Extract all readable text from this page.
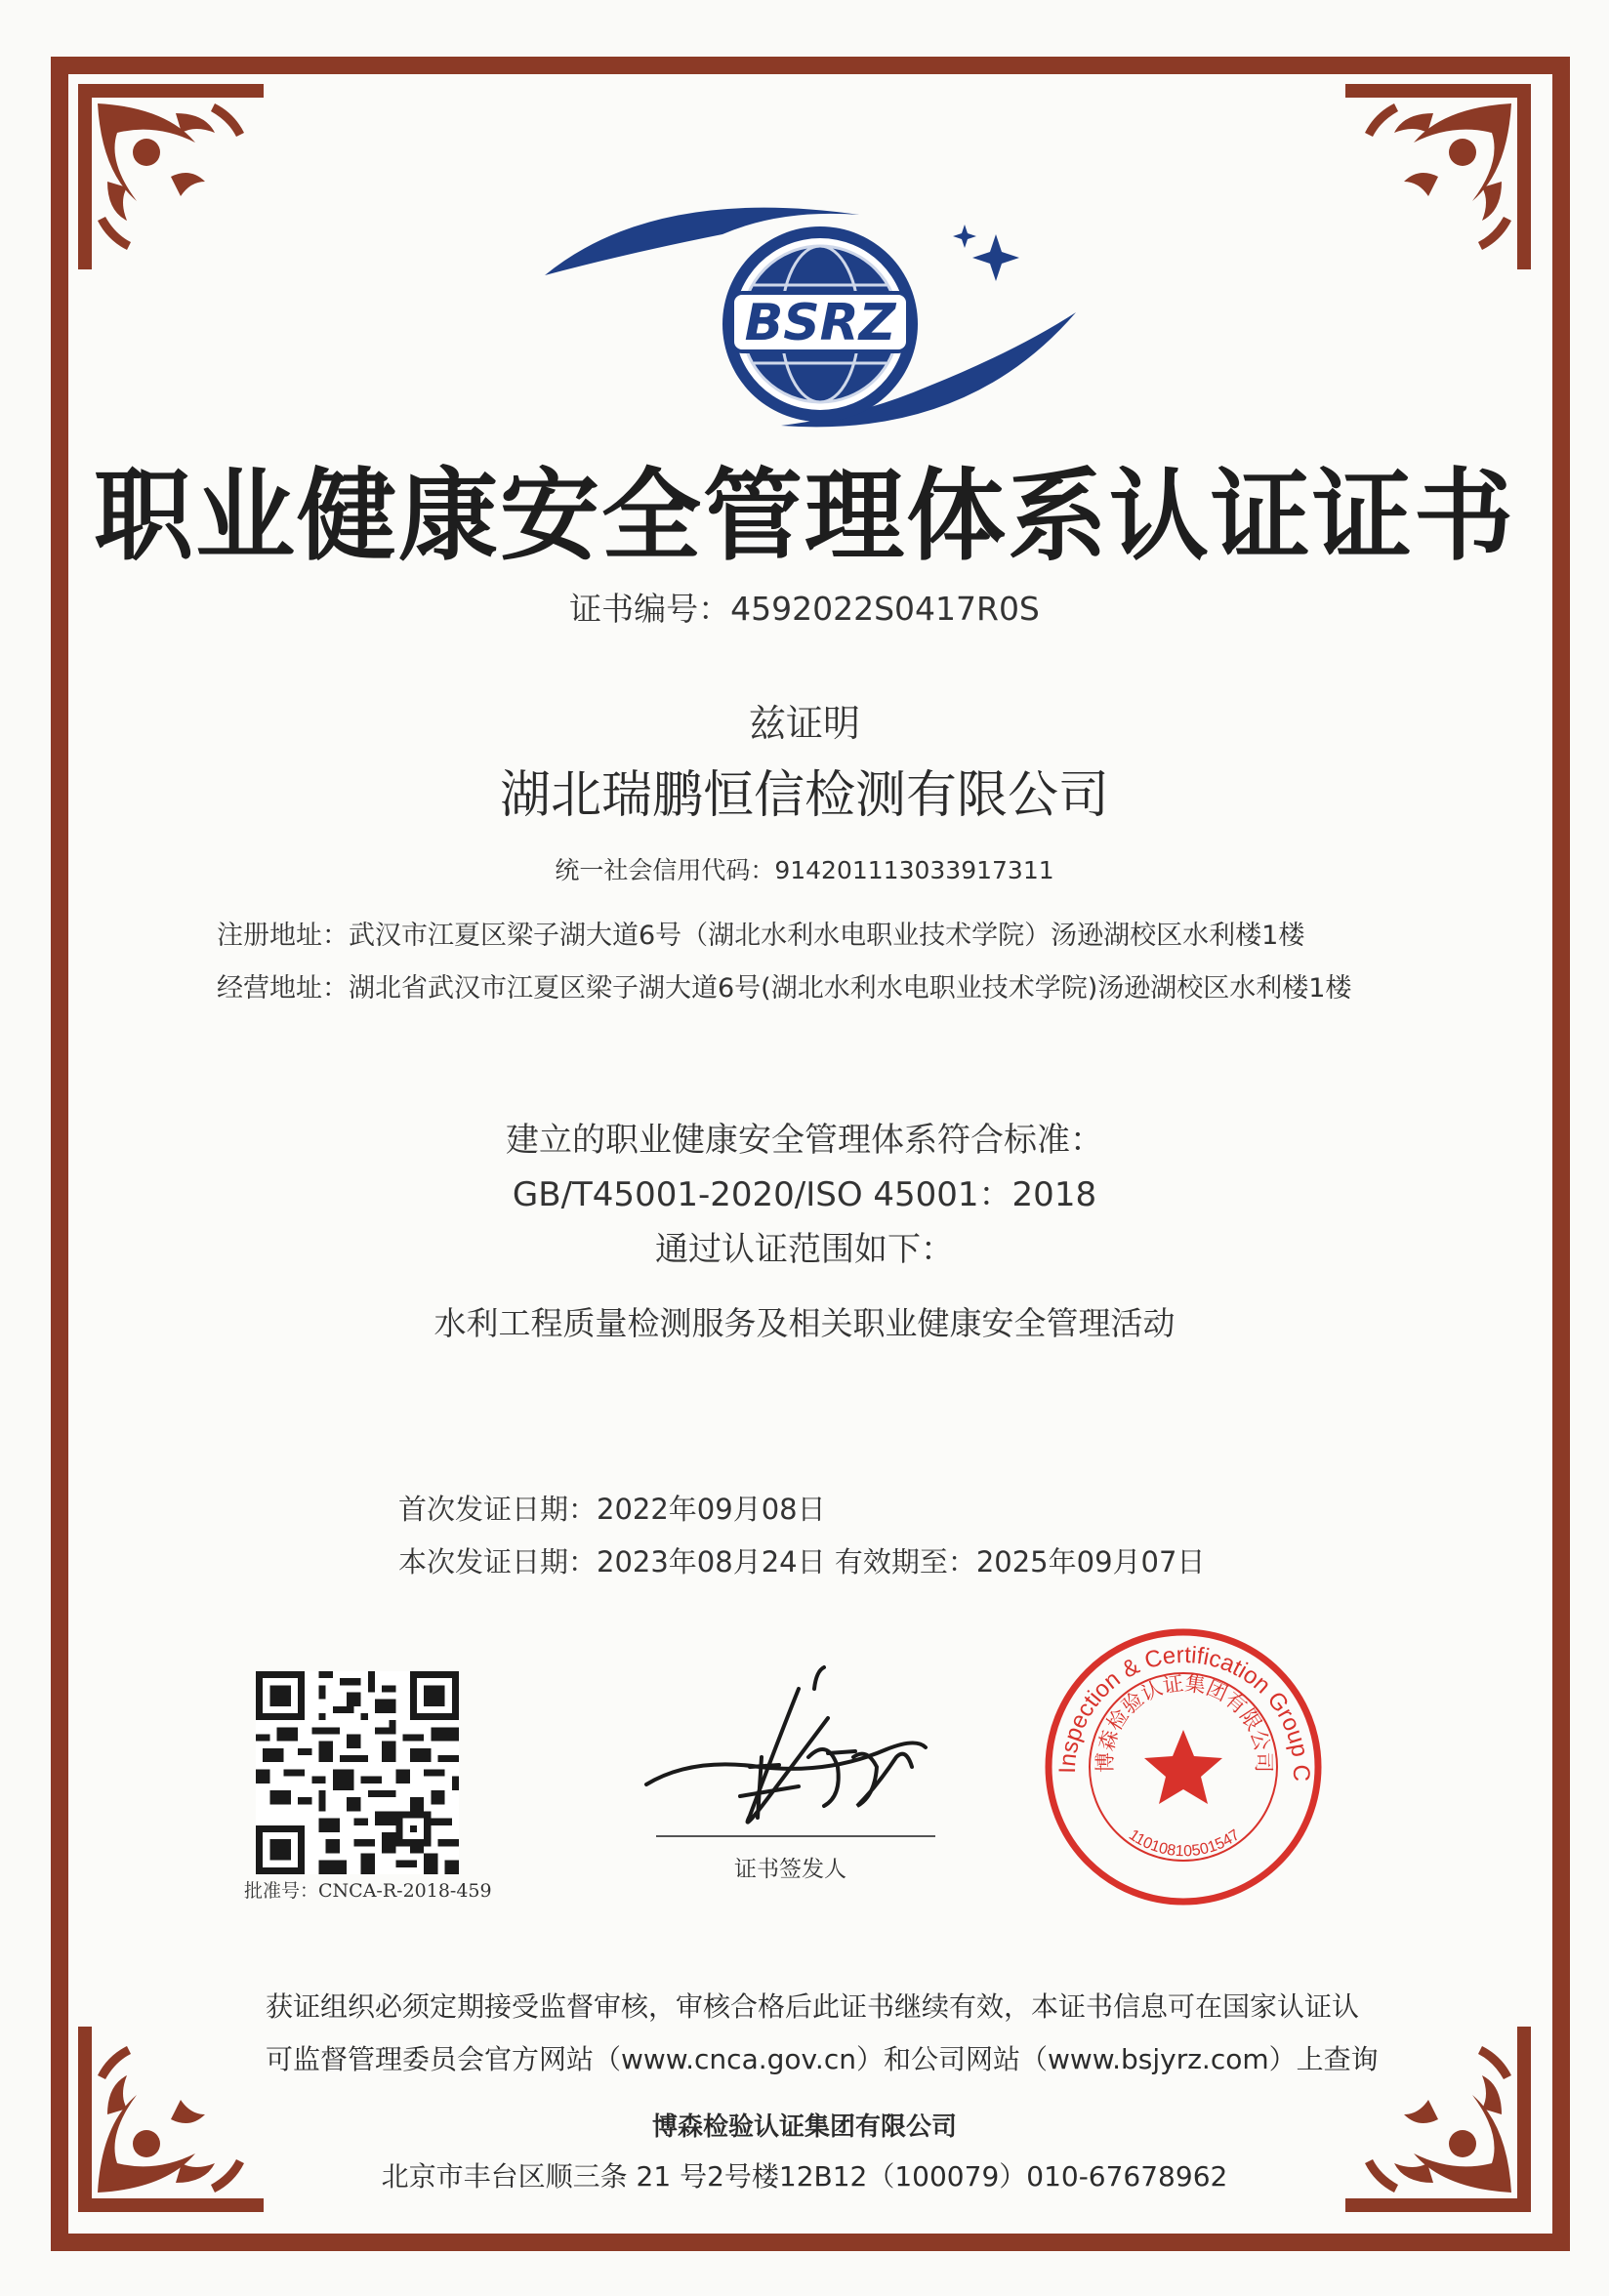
BSRZ
职业健康安全管理体系认证证书
证书编号：4592022S0417R0S
兹证明
湖北瑞鹏恒信检测有限公司
统一社会信用代码：914201113033917311
注册地址：武汉市江夏区梁子湖大道6号（湖北水利水电职业技术学院）汤逊湖校区水利楼1楼
经营地址：湖北省武汉市江夏区梁子湖大道6号(湖北水利水电职业技术学院)汤逊湖校区水利楼1楼
建立的职业健康安全管理体系符合标准：
GB/T45001-2020/ISO 45001：2018
通过认证范围如下：
水利工程质量检测服务及相关职业健康安全管理活动
首次发证日期：2022年09月08日
本次发证日期：2023年08月24日 有效期至：2025年09月07日
批准号：CNCA-R-2018-459
证书签发人
Inspection & Certification Group C
博森检验认证集团有限公司
11010810501547
获证组织必须定期接受监督审核，审核合格后此证书继续有效，本证书信息可在国家认证认
可监督管理委员会官方网站（www.cnca.gov.cn）和公司网站（www.bsjyrz.com）上查询
博森检验认证集团有限公司
北京市丰台区顺三条 21 号2号楼12B12（100079）010-67678962
